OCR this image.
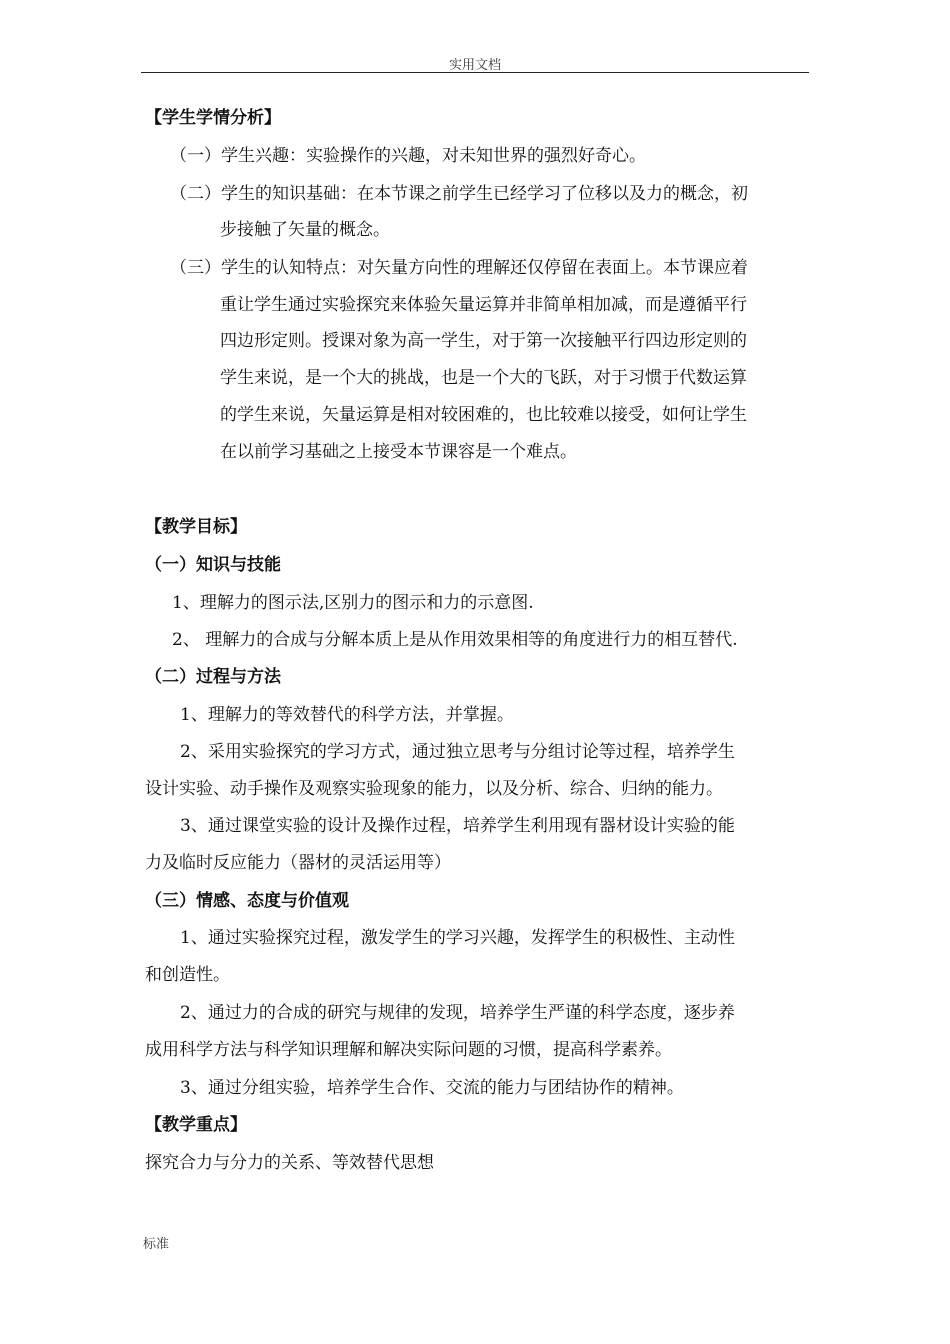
实用文档
【学生学情分析】
（一）学生兴趣：实验操作的兴趣，对未知世界的强烈好奇心。
（二）学生的知识基础：在本节课之前学生已经学习了位移以及力的概念，初
步接触了矢量的概念。
（三）学生的认知特点：对矢量方向性的理解还仅停留在表面上。本节课应着
重让学生通过实验探究来体验矢量运算并非简单相加减，而是遵循平行
四边形定则。授课对象为高一学生，对于第一次接触平行四边形定则的
学生来说，是一个大的挑战，也是一个大的飞跃，对于习惯于代数运算
的学生来说，矢量运算是相对较困难的，也比较难以接受，如何让学生
在以前学习基础之上接受本节课容是一个难点。
【教学目标】
（一）知识与技能
1、理解力的图示法,区别力的图示和力的示意图.
2、 理解力的合成与分解本质上是从作用效果相等的角度进行力的相互替代.
（二）过程与方法
1、理解力的等效替代的科学方法，并掌握。
2、采用实验探究的学习方式，通过独立思考与分组讨论等过程，培养学生
设计实验、动手操作及观察实验现象的能力，以及分析、综合、归纳的能力。
3、通过课堂实验的设计及操作过程，培养学生利用现有器材设计实验的能
力及临时反应能力（器材的灵活运用等）
（三）情感、态度与价值观
1、通过实验探究过程，激发学生的学习兴趣，发挥学生的积极性、主动性
和创造性。
2、通过力的合成的研究与规律的发现，培养学生严谨的科学态度，逐步养
成用科学方法与科学知识理解和解决实际问题的习惯，提高科学素养。
3、通过分组实验，培养学生合作、交流的能力与团结协作的精神。
【教学重点】
探究合力与分力的关系、等效替代思想
标准
